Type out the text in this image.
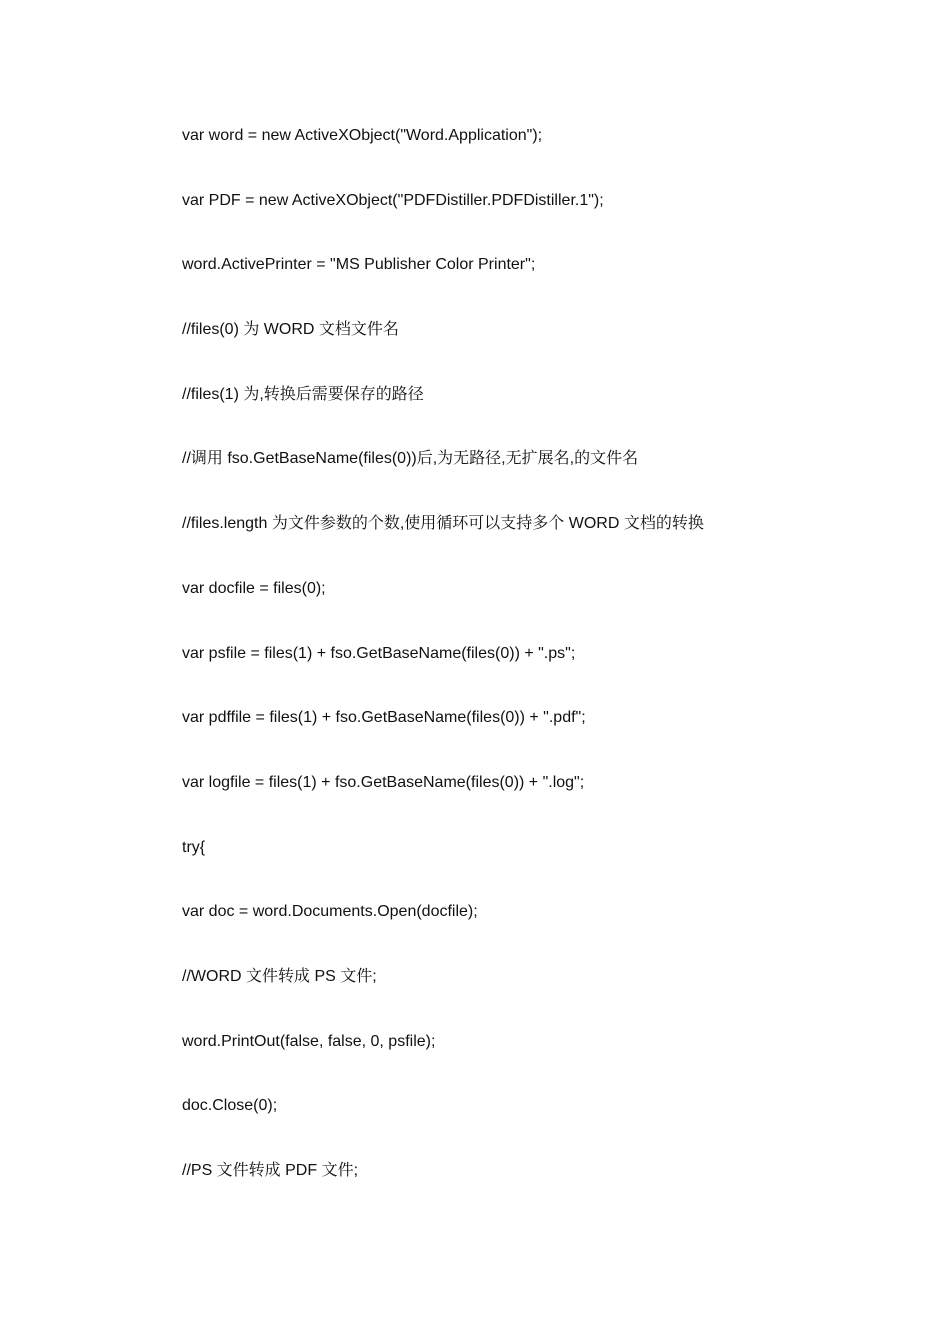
var word = new ActiveXObject("Word.Application");
var PDF = new ActiveXObject("PDFDistiller.PDFDistiller.1");
word.ActivePrinter = "MS Publisher Color Printer";
//files(0) 为 WORD 文档文件名
//files(1) 为,转换后需要保存的路径
//调用 fso.GetBaseName(files(0))后,为无路径,无扩展名,的文件名
//files.length 为文件参数的个数,使用循环可以支持多个 WORD 文档的转换
var docfile = files(0);
var psfile = files(1) + fso.GetBaseName(files(0)) + ".ps";
var pdffile = files(1) + fso.GetBaseName(files(0)) + ".pdf";
var logfile = files(1) + fso.GetBaseName(files(0)) + ".log";
try{
var doc = word.Documents.Open(docfile);
//WORD 文件转成 PS 文件;
word.PrintOut(false, false, 0, psfile);
doc.Close(0);
//PS 文件转成 PDF 文件;
